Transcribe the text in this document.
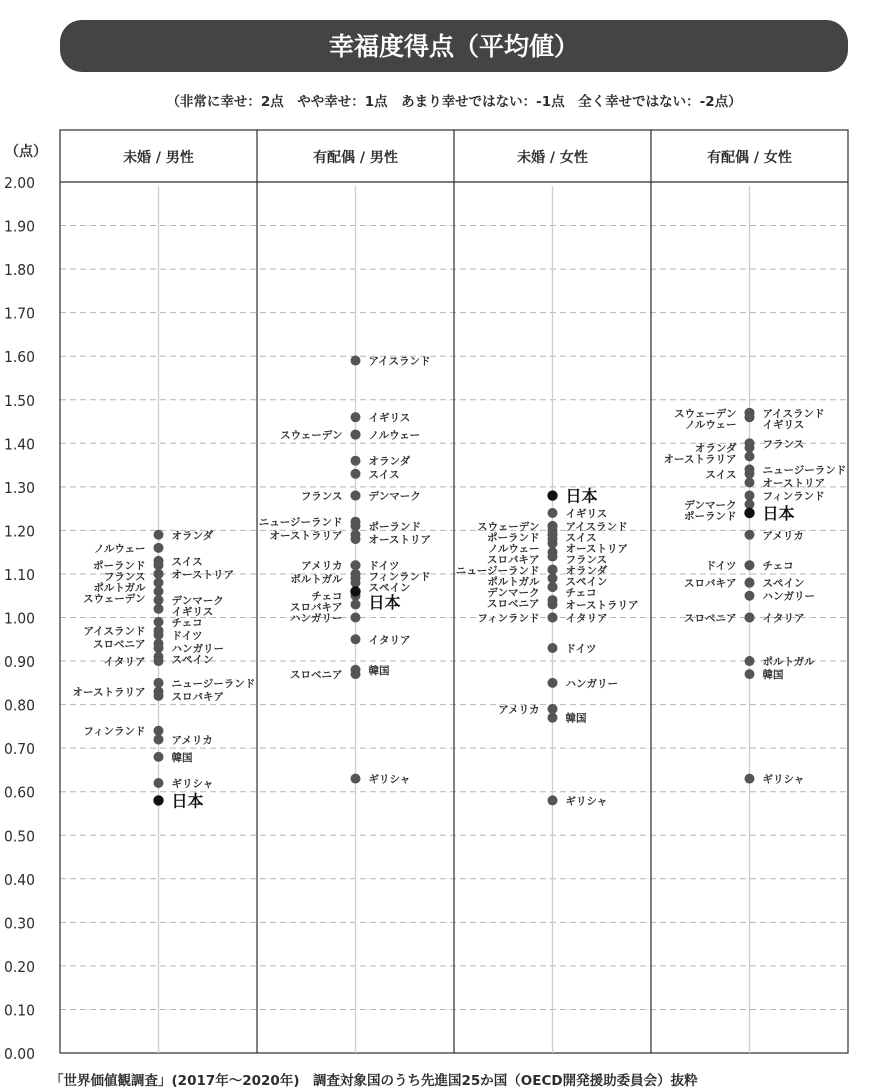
幸福度得点（平均値）
（非常に幸せ：2点　やや幸せ：1点　あまり幸せではない：-1点　全く幸せではない：-2点）
（点）
2.00
1.90
1.80
1.70
1.60
1.50
1.40
1.30
1.20
1.10
1.00
0.90
0.80
0.70
0.60
0.50
0.40
0.30
0.20
0.10
0.00
未婚 / 男性
オランダ
ノルウェー
スイス
ポーランド
フランス オーストリア
ポルトガル
スウェーデン デンマーク
イギリス
チェコ
アイスランド ドイツ
スロベニア ハンガリー
イタリア スペイン
ニュージーランド
オーストラリア スロバキア
フィンランド
アメリカ
韓国
ギリシャ
日本
有配偶 / 男性
アイスランド
イギリス
スウェーデン ノルウェー
オランダ
スイス
フランス デンマーク
ニュージーランド ポーランド
オーストラリア オーストリア
アメリカ ドイツ
ポルトガル フィンランド
スペイン
チェコ 日本
スロバキア
ハンガリー
イタリア
スロベニア 韓国
ギリシャ
未婚 / 女性
日本
イギリス
スウェーデン アイスランド
ポーランド スイス
オーストリア
ノルウェー
フランス
スロバキア
オランダ
ニュージーランド
スペイン
ポルトガル
デンマーク チェコ
スロベニア オーストラリア
フィンランド イタリア
ドイツ
ハンガリー
アメリカ
韓国
ギリシャ
有配偶 / 女性
スウェーデン アイスランド
ノルウェー イギリス
フランス
オランダ
オーストラリア
ニュージーランド
スイス
オーストリア
フィンランド
デンマーク
ポーランド 日本
アメリカ
ドイツ チェコ
スロバキア スペイン
ハンガリー
スロベニア イタリア
ポルトガル
韓国
ギリシャ
「世界価値観調査」(2017年～2020年)　調査対象国のうち先進国25か国（OECD開発援助委員会）抜粋
